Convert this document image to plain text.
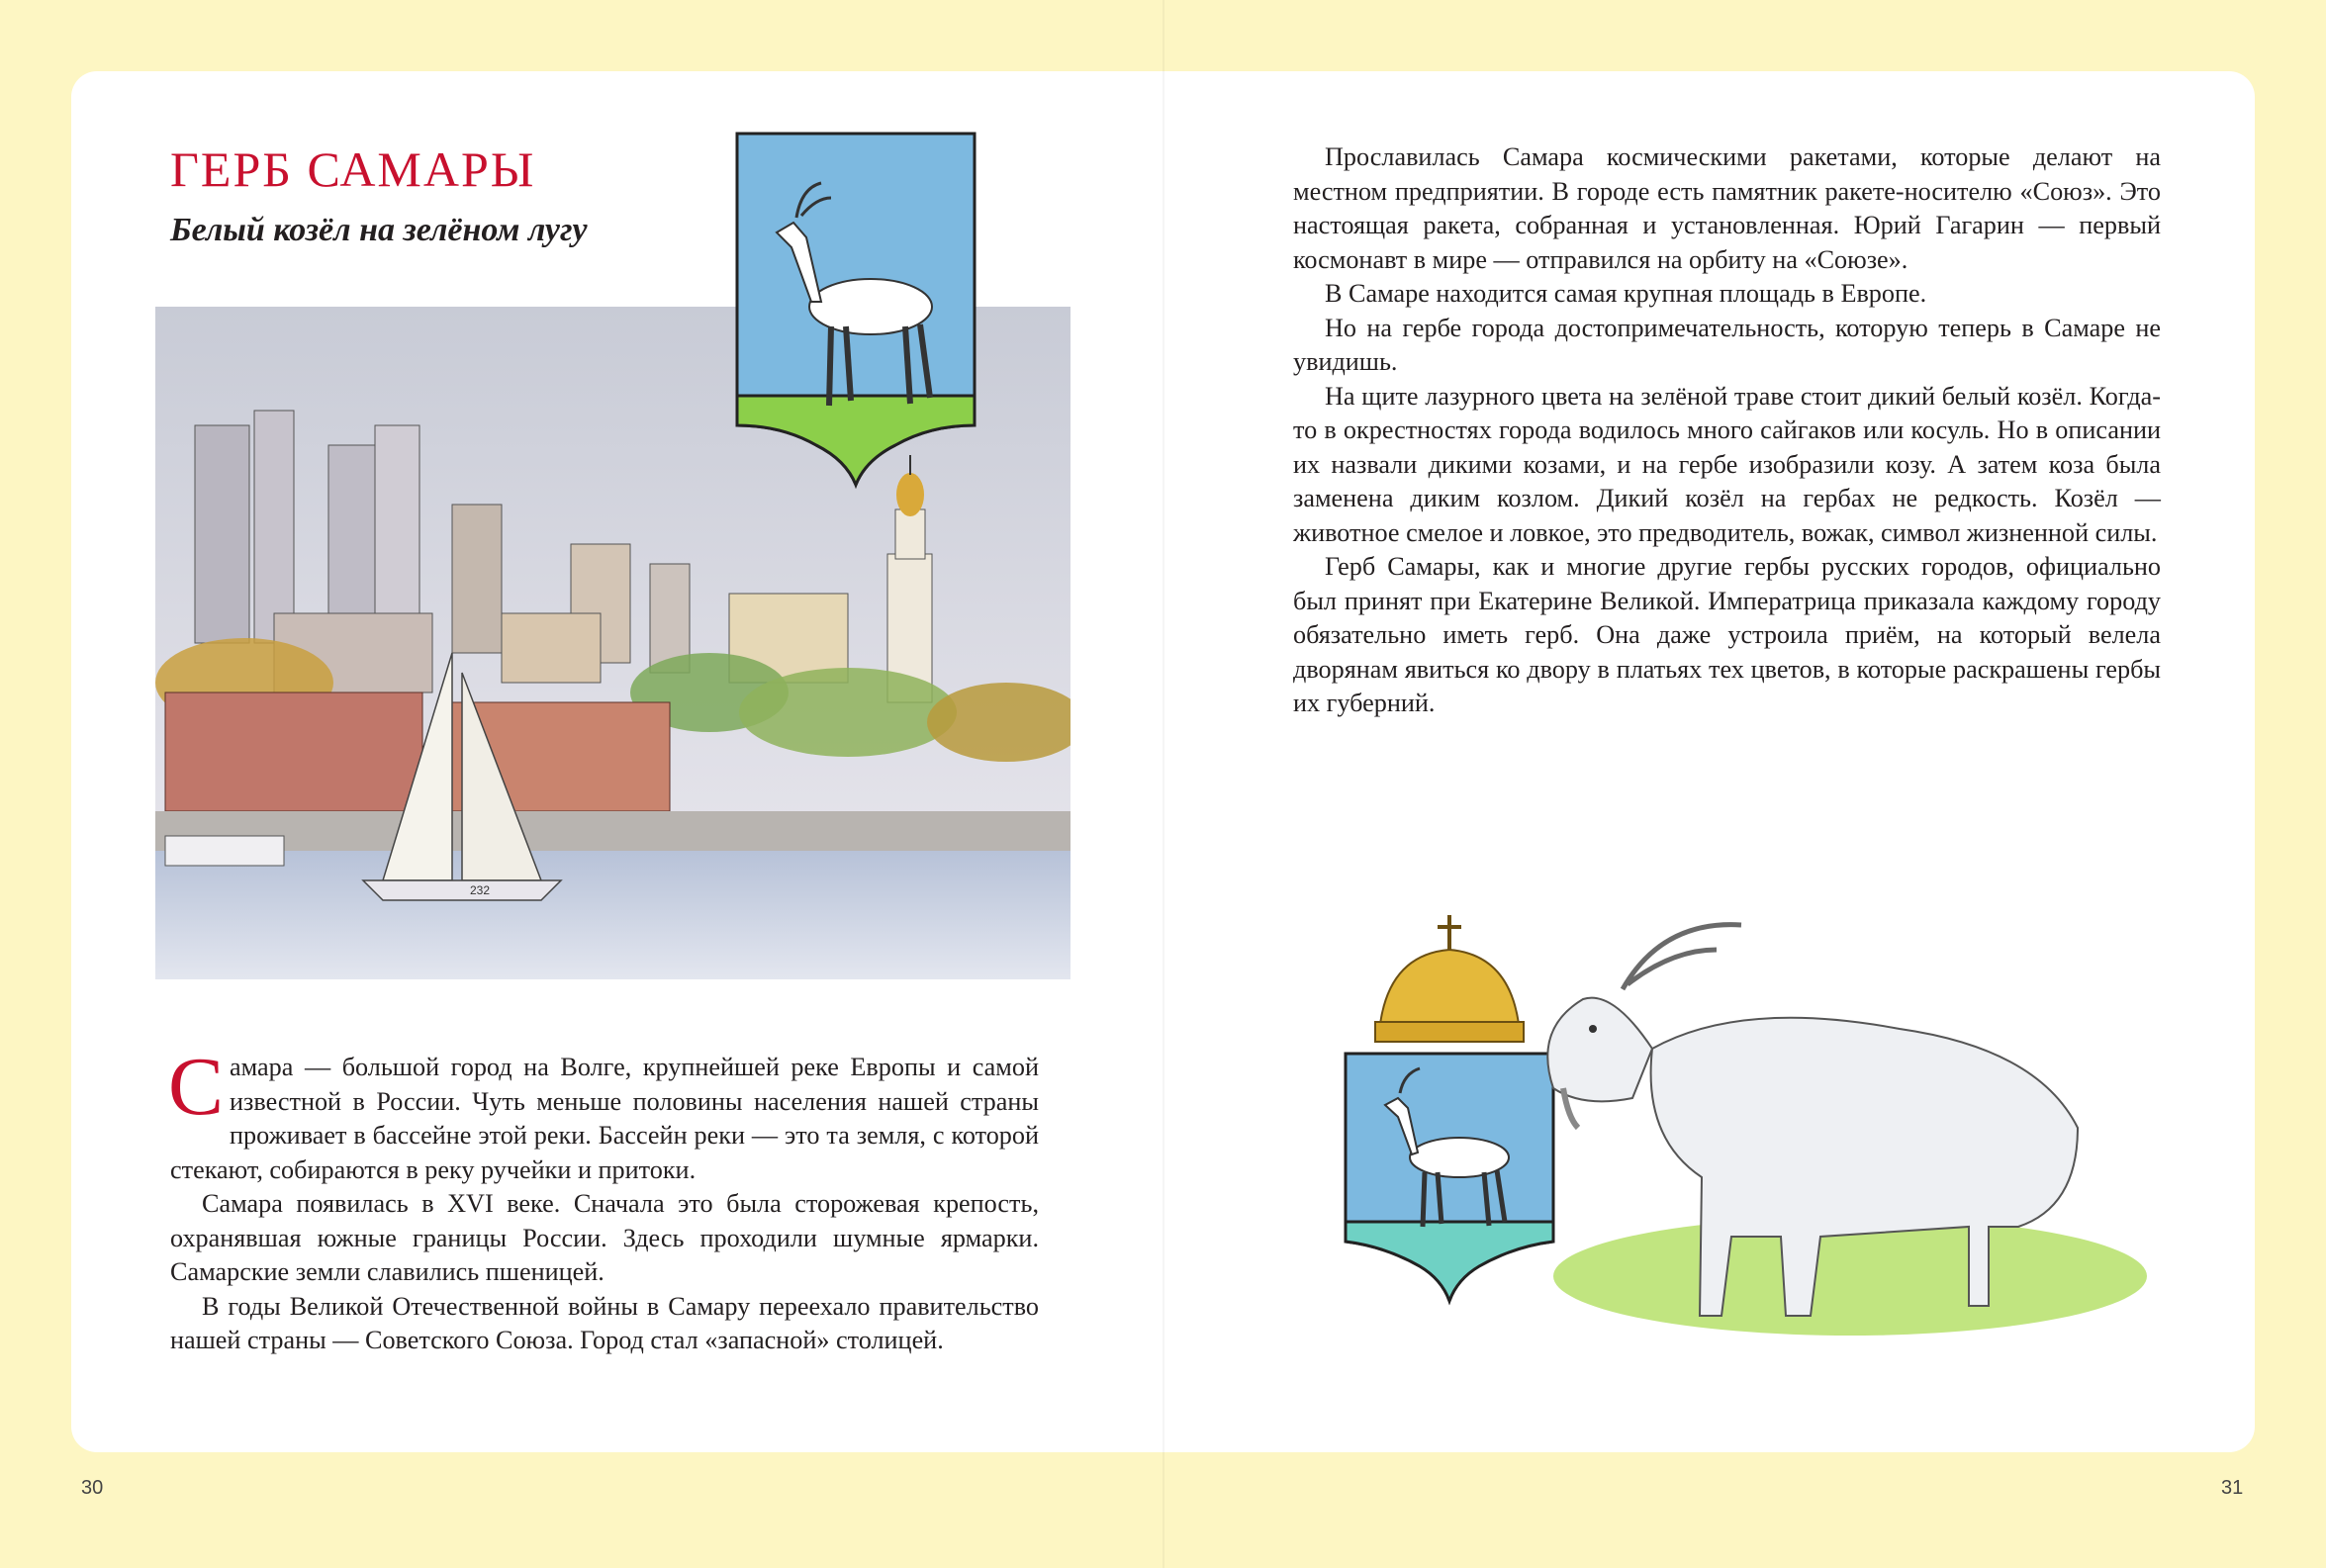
232
ГЕРБ САМАРЫ
Белый козёл на зелёном лугу

Самара — большой город на Волге, крупнейшей реке Европы и самой известной в России. Чуть меньше половины населения нашей страны проживает в бассейне этой реки. Бассейн реки — это та земля, с которой стекают, собираются в реку ручейки и притоки.

Самара появилась в XVI веке. Сначала это была сторожевая крепость, охранявшая южные границы России. Здесь проходили шумные ярмарки. Самарские земли славились пшеницей.

В годы Великой Отечественной войны в Самару переехало правительство нашей страны — Советского Союза. Город стал «запасной» столицей.

Прославилась Самара космическими ракетами, которые делают на местном предприятии. В городе есть памятник ракете-носителю «Союз». Это настоящая ракета, собранная и установленная. Юрий Гагарин — первый космонавт в мире — отправился на орбиту на «Союзе».

В Самаре находится самая крупная площадь в Европе.

Но на гербе города достопримечательность, которую теперь в Самаре не увидишь.

На щите лазурного цвета на зелёной траве стоит дикий белый козёл. Когда-то в окрестностях города водилось много сайгаков или косуль. Но в описании их назвали дикими козами, и на гербе изобразили козу. А затем коза была заменена диким козлом. Дикий козёл на гербах не редкость. Козёл — животное смелое и ловкое, это предводитель, вожак, символ жизненной силы.

Герб Самары, как и многие другие гербы русских городов, официально был принят при Екатерине Великой. Императрица приказала каждому городу обязательно иметь герб. Она даже устроила приём, на который велела дворянам явиться ко двору в платьях тех цветов, в которые раскрашены гербы их губерний.

30	31
